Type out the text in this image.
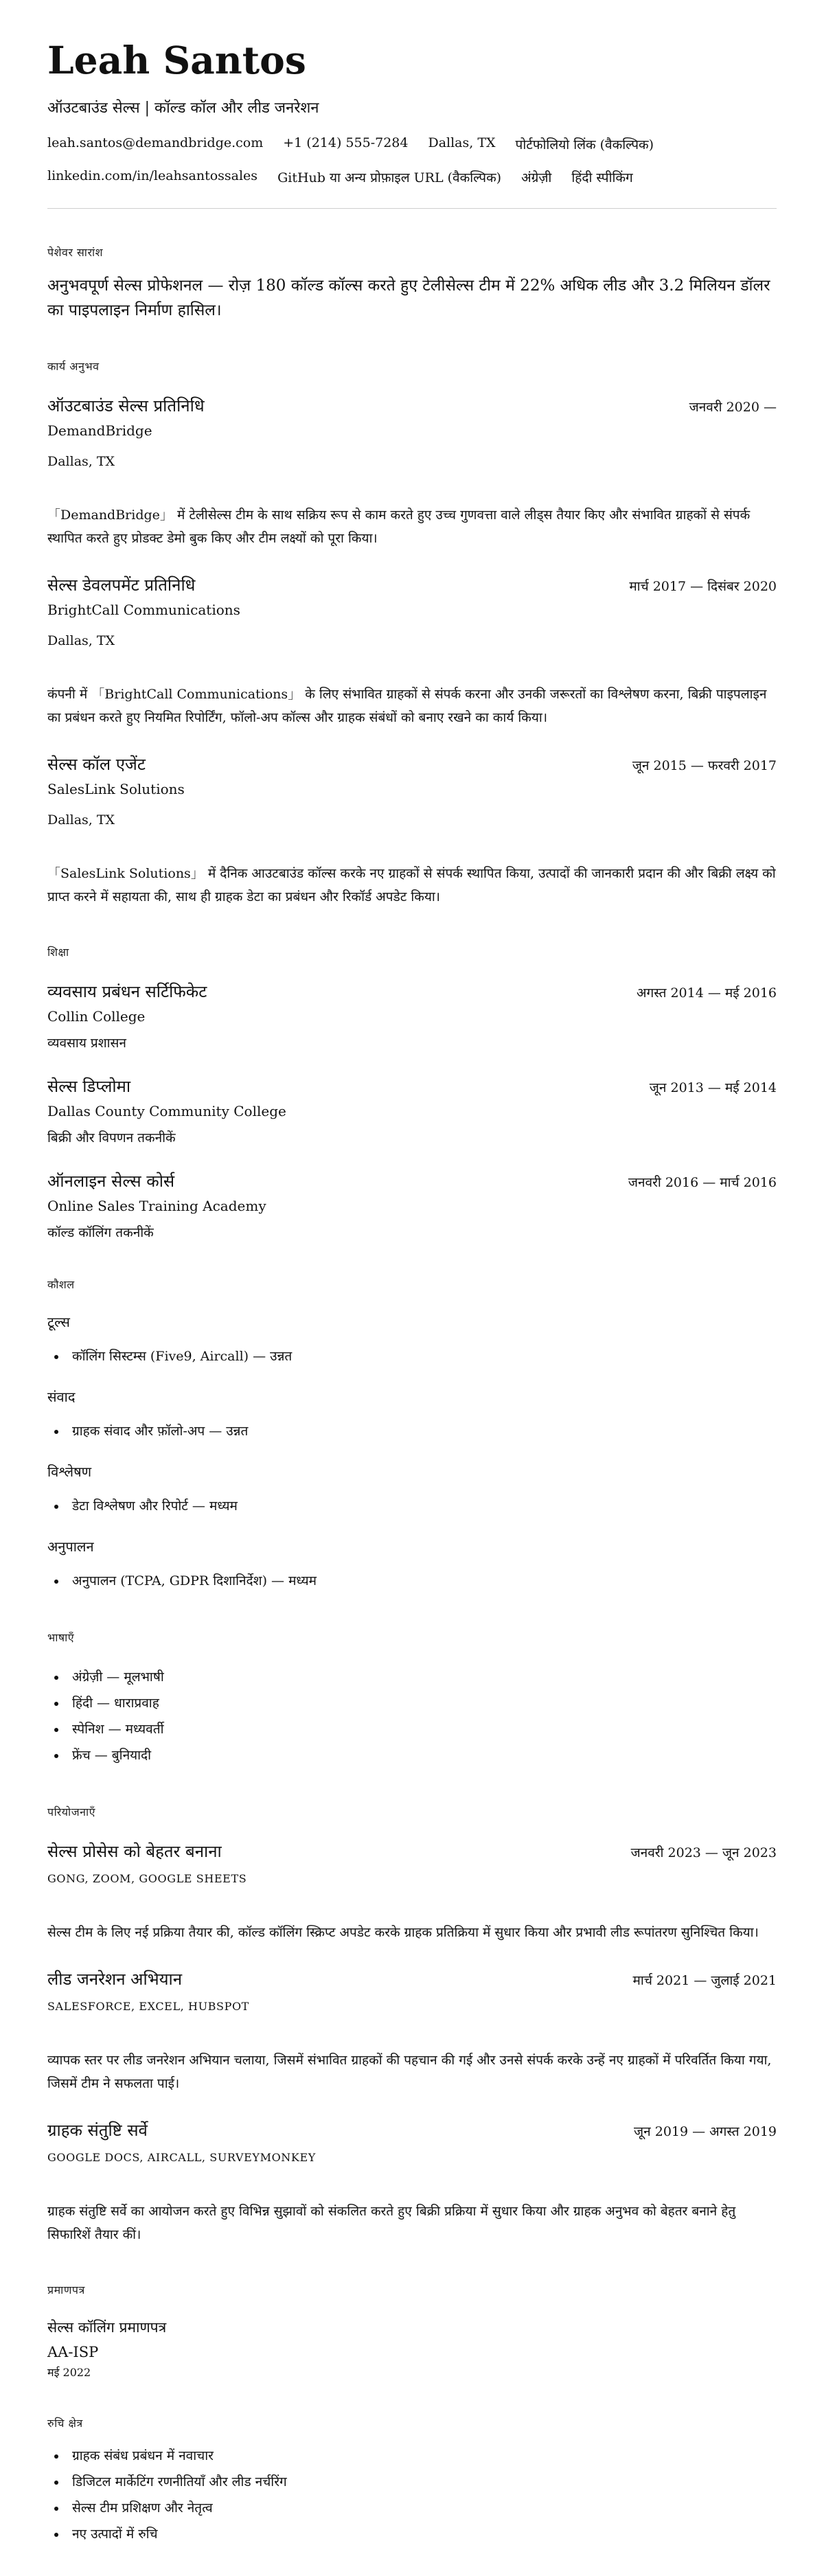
Leah Santos
ऑउटबाउंड सेल्स | कॉल्ड कॉल और लीड जनरेशन
leah.santos@demandbridge.com +1 (214) 555-7284 Dallas, TX पोर्टफोलियो लिंक (वैकल्पिक)
linkedin.com/in/leahsantossales GitHub या अन्य प्रोफ़ाइल URL (वैकल्पिक) अंग्रेज़ी हिंदी स्पीकिंग
पेशेवर सारांश
अनुभवपूर्ण सेल्स प्रोफेशनल — रोज़ 180 कॉल्ड कॉल्स करते हुए टेलीसेल्स टीम में 22% अधिक लीड और 3.2 मिलियन डॉलर का पाइपलाइन निर्माण हासिल।
कार्य अनुभव
ऑउटबाउंड सेल्स प्रतिनिधि	जनवरी 2020 —
DemandBridge
Dallas, TX
「DemandBridge」 में टेलीसेल्स टीम के साथ सक्रिय रूप से काम करते हुए उच्च गुणवत्ता वाले लीड्स तैयार किए और संभावित ग्राहकों से संपर्क स्थापित करते हुए प्रोडक्ट डेमो बुक किए और टीम लक्ष्यों को पूरा किया।
सेल्स डेवलपमेंट प्रतिनिधि	मार्च 2017 — दिसंबर 2020
BrightCall Communications
Dallas, TX
कंपनी में 「BrightCall Communications」 के लिए संभावित ग्राहकों से संपर्क करना और उनकी जरूरतों का विश्लेषण करना, बिक्री पाइपलाइन का प्रबंधन करते हुए नियमित रिपोर्टिंग, फॉलो-अप कॉल्स और ग्राहक संबंधों को बनाए रखने का कार्य किया।
सेल्स कॉल एजेंट	जून 2015 — फरवरी 2017
SalesLink Solutions
Dallas, TX
「SalesLink Solutions」 में दैनिक आउटबाउंड कॉल्स करके नए ग्राहकों से संपर्क स्थापित किया, उत्पादों की जानकारी प्रदान की और बिक्री लक्ष्य को प्राप्त करने में सहायता की, साथ ही ग्राहक डेटा का प्रबंधन और रिकॉर्ड अपडेट किया।
शिक्षा
व्यवसाय प्रबंधन सर्टिफिकेट	अगस्त 2014 — मई 2016
Collin College
व्यवसाय प्रशासन
सेल्स डिप्लोमा	जून 2013 — मई 2014
Dallas County Community College
बिक्री और विपणन तकनीकें
ऑनलाइन सेल्स कोर्स	जनवरी 2016 — मार्च 2016
Online Sales Training Academy
कॉल्ड कॉलिंग तकनीकें
कौशल
टूल्स
• कॉलिंग सिस्टम्स (Five9, Aircall) — उन्नत
संवाद
• ग्राहक संवाद और फ़ॉलो-अप — उन्नत
विश्लेषण
• डेटा विश्लेषण और रिपोर्ट — मध्यम
अनुपालन
• अनुपालन (TCPA, GDPR दिशानिर्देश) — मध्यम
भाषाएँ
• अंग्रेज़ी — मूलभाषी
• हिंदी — धाराप्रवाह
• स्पेनिश — मध्यवर्ती
• फ्रेंच — बुनियादी
परियोजनाएँ
सेल्स प्रोसेस को बेहतर बनाना	जनवरी 2023 — जून 2023
GONG, ZOOM, GOOGLE SHEETS
सेल्स टीम के लिए नई प्रक्रिया तैयार की, कॉल्ड कॉलिंग स्क्रिप्ट अपडेट करके ग्राहक प्रतिक्रिया में सुधार किया और प्रभावी लीड रूपांतरण सुनिश्चित किया।
लीड जनरेशन अभियान	मार्च 2021 — जुलाई 2021
SALESFORCE, EXCEL, HUBSPOT
व्यापक स्तर पर लीड जनरेशन अभियान चलाया, जिसमें संभावित ग्राहकों की पहचान की गई और उनसे संपर्क करके उन्हें नए ग्राहकों में परिवर्तित किया गया, जिसमें टीम ने सफलता पाई।
ग्राहक संतुष्टि सर्वे	जून 2019 — अगस्त 2019
GOOGLE DOCS, AIRCALL, SURVEYMONKEY
ग्राहक संतुष्टि सर्वे का आयोजन करते हुए विभिन्न सुझावों को संकलित करते हुए बिक्री प्रक्रिया में सुधार किया और ग्राहक अनुभव को बेहतर बनाने हेतु सिफारिशें तैयार कीं।
प्रमाणपत्र
सेल्स कॉलिंग प्रमाणपत्र
AA-ISP
मई 2022
रुचि क्षेत्र
• ग्राहक संबंध प्रबंधन में नवाचार
• डिजिटल मार्केटिंग रणनीतियाँ और लीड नर्चरिंग
• सेल्स टीम प्रशिक्षण और नेतृत्व
• नए उत्पादों में रुचि
